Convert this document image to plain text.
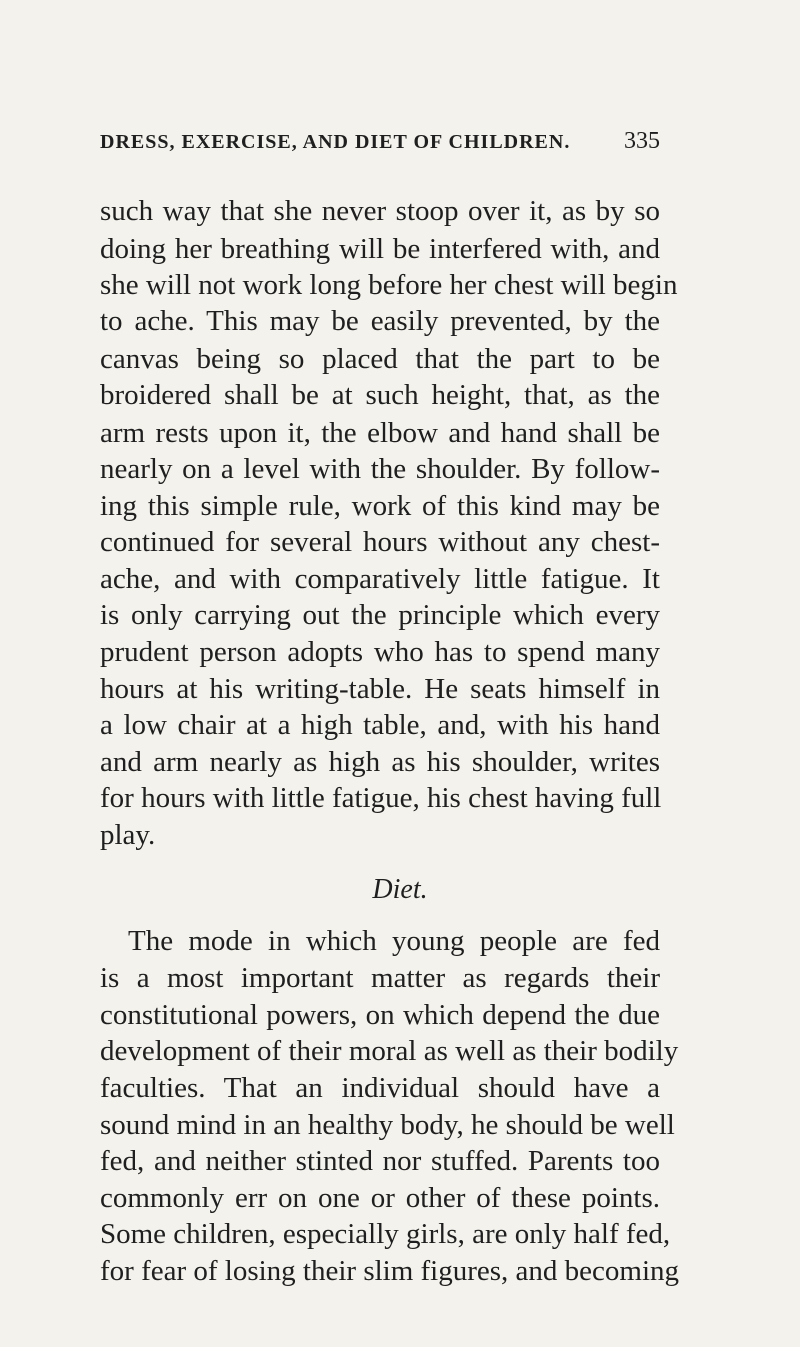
DRESS, EXERCISE, AND DIET OF CHILDREN. 335
such way that she never stoop over it, as by so
doing her breathing will be interfered with, and
she will not work long before her chest will begin
to ache. This may be easily prevented, by the
canvas being so placed that the part to be
broidered shall be at such height, that, as the
arm rests upon it, the elbow and hand shall be
nearly on a level with the shoulder. By follow-
ing this simple rule, work of this kind may be
continued for several hours without any chest-
ache, and with comparatively little fatigue. It
is only carrying out the principle which every
prudent person adopts who has to spend many
hours at his writing-table. He seats himself in
a low chair at a high table, and, with his hand
and arm nearly as high as his shoulder, writes
for hours with little fatigue, his chest having full
play.
Diet.
The mode in which young people are fed
is a most important matter as regards their
constitutional powers, on which depend the due
development of their moral as well as their bodily
faculties. That an individual should have a
sound mind in an healthy body, he should be well
fed, and neither stinted nor stuffed. Parents too
commonly err on one or other of these points.
Some children, especially girls, are only half fed,
for fear of losing their slim figures, and becoming
